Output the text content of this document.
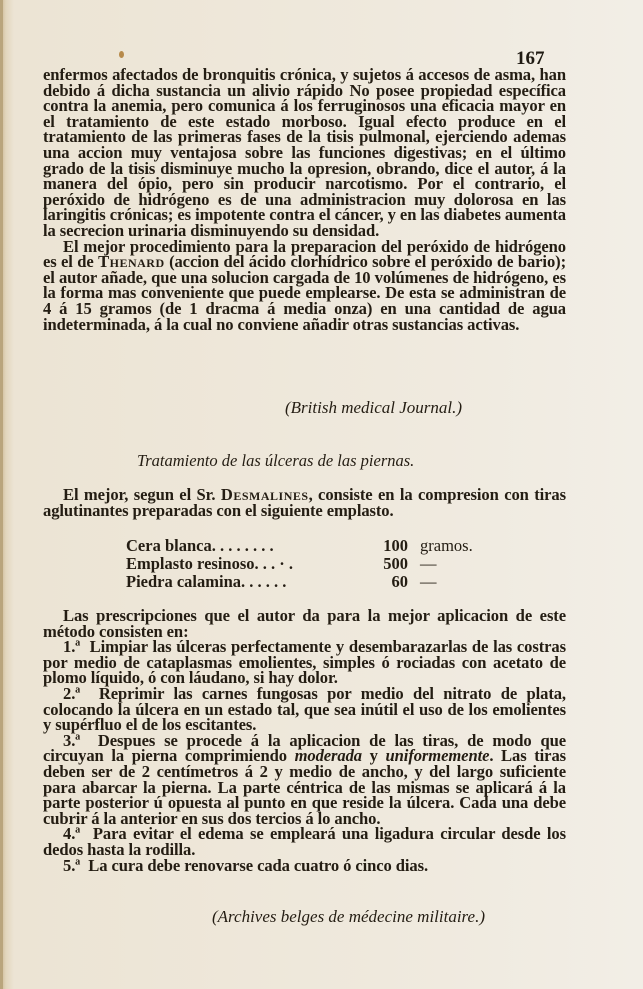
167

enfermos afectados de bronquitis crónica, y sujetos á accesos de asma, han debido á dicha sustancia un alivio rápido No posee propiedad específica contra la anemia, pero comunica á los ferruginosos una eficacia mayor en el tratamiento de este estado morboso. Igual efecto produce en el tratamiento de las primeras fases de la tisis pulmonal, ejerciendo ademas una accion muy ventajosa sobre las funciones digestivas; en el último grado de la tisis disminuye mucho la opresion, obrando, dice el autor, á la manera del ópio, pero sin producir narcotismo. Por el contrario, el peróxido de hidrógeno es de una administracion muy dolorosa en las laringitis crónicas; es impotente contra el cáncer, y en las diabetes aumenta la secrecion urinaria disminuyendo su densidad.

El mejor procedimiento para la preparacion del peróxido de hidrógeno es el de Thenard (accion del ácido clorhídrico sobre el peróxido de bario); el autor añade, que una solucion cargada de 10 volúmenes de hidrógeno, es la forma mas conveniente que puede emplearse. De esta se administran de 4 á 15 gramos (de 1 dracma á media onza) en una cantidad de agua indeterminada, á la cual no conviene añadir otras sustancias activas.

(British medical Journal.)
Tratamiento de las úlceras de las piernas.

El mejor, segun el Sr. Desmalines, consiste en la compresion con tiras aglutinantes preparadas con el siguiente emplasto.

Cera blanca. . . . . . . .	100 gramos.
Emplasto resinoso. . . · .	500 —
Piedra calamina. . . . . .	60 —

Las prescripciones que el autor da para la mejor aplicacion de este método consisten en:

1.ª Limpiar las úlceras perfectamente y desembarazarlas de las costras por medio de cataplasmas emolientes, simples ó rociadas con acetato de plomo líquido, ó con láudano, si hay dolor.

2.ª Reprimir las carnes fungosas por medio del nitrato de plata, colocando la úlcera en un estado tal, que sea inútil el uso de los emolientes y supérfluo el de los escitantes.

3.ª Despues se procede á la aplicacion de las tiras, de modo que circuyan la pierna comprimiendo moderada y uniformemente. Las tiras deben ser de 2 centímetros á 2 y medio de ancho, y del largo suficiente para abarcar la pierna. La parte céntrica de las mismas se aplicará á la parte posterior ú opuesta al punto en que reside la úlcera. Cada una debe cubrir á la anterior en sus dos tercios á lo ancho.

4.ª Para evitar el edema se empleará una ligadura circular desde los dedos hasta la rodilla.

5.ª La cura debe renovarse cada cuatro ó cinco dias.

(Archives belges de médecine militaire.)
